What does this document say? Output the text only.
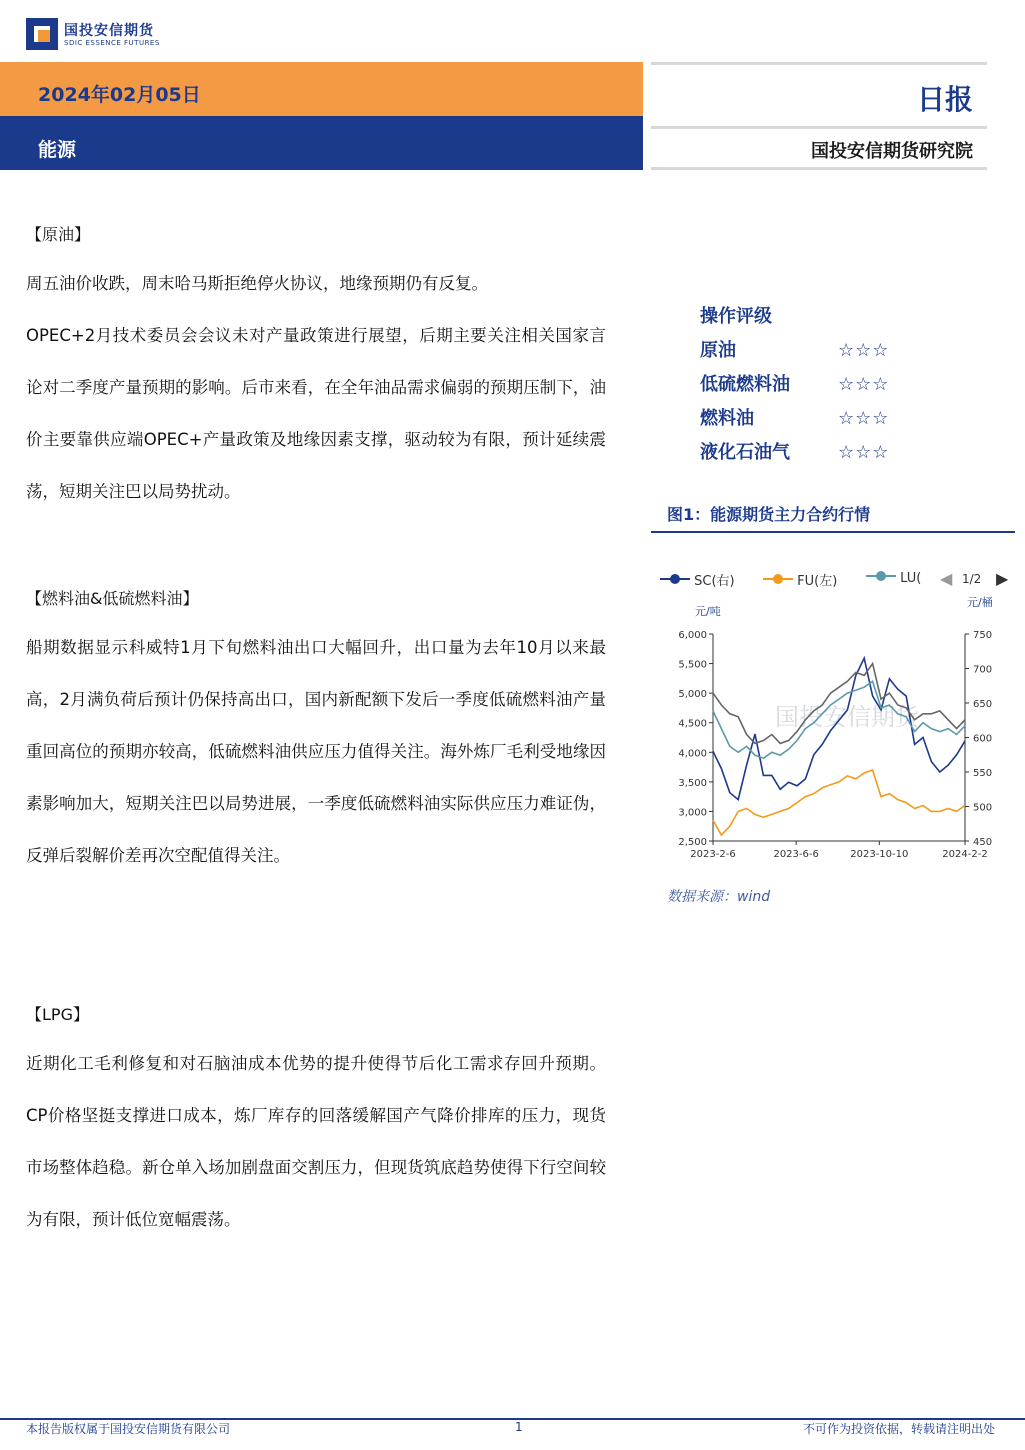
国投安信期货
SDIC ESSENCE FUTURES
2024年02月05日
能源
日报
国投安信期货研究院
【原油】
周五油价收跌，周末哈马斯拒绝停火协议，地缘预期仍有反复。
OPEC+2月技术委员会会议未对产量政策进行展望，后期主要关注相关国家言论对二季度产量预期的影响。后市来看，在全年油品需求偏弱的预期压制下，油价主要靠供应端OPEC+产量政策及地缘因素支撑，驱动较为有限，预计延续震荡，短期关注巴以局势扰动。
【燃料油&低硫燃料油】
船期数据显示科威特1月下旬燃料油出口大幅回升，出口量为去年10月以来最高，2月满负荷后预计仍保持高出口，国内新配额下发后一季度低硫燃料油产量重回高位的预期亦较高，低硫燃料油供应压力值得关注。海外炼厂毛利受地缘因素影响加大，短期关注巴以局势进展，一季度低硫燃料油实际供应压力难证伪，反弹后裂解价差再次空配值得关注。
【LPG】
近期化工毛利修复和对石脑油成本优势的提升使得节后化工需求存回升预期。CP价格坚挺支撑进口成本，炼厂库存的回落缓解国产气降价排库的压力，现货市场整体趋稳。新仓单入场加剧盘面交割压力，但现货筑底趋势使得下行空间较为有限，预计低位宽幅震荡。
操作评级
原油	☆☆☆
低硫燃料油	☆☆☆
燃料油	☆☆☆
液化石油气	☆☆☆
图1：能源期货主力合约行情
SC(右)	FU(左)	LU( ◀ 1/2 ▶
元/吨
元/桶
国投安信期货
6,000
5,500
5,000
4,500
4,000
3,500
3,000
2,500
750
700
650
600
550
500
450
2023-2-6	2023-6-6	2023-10-10	2024-2-2
数据来源：wind
本报告版权属于国投安信期货有限公司	1	不可作为投资依据，转载请注明出处
